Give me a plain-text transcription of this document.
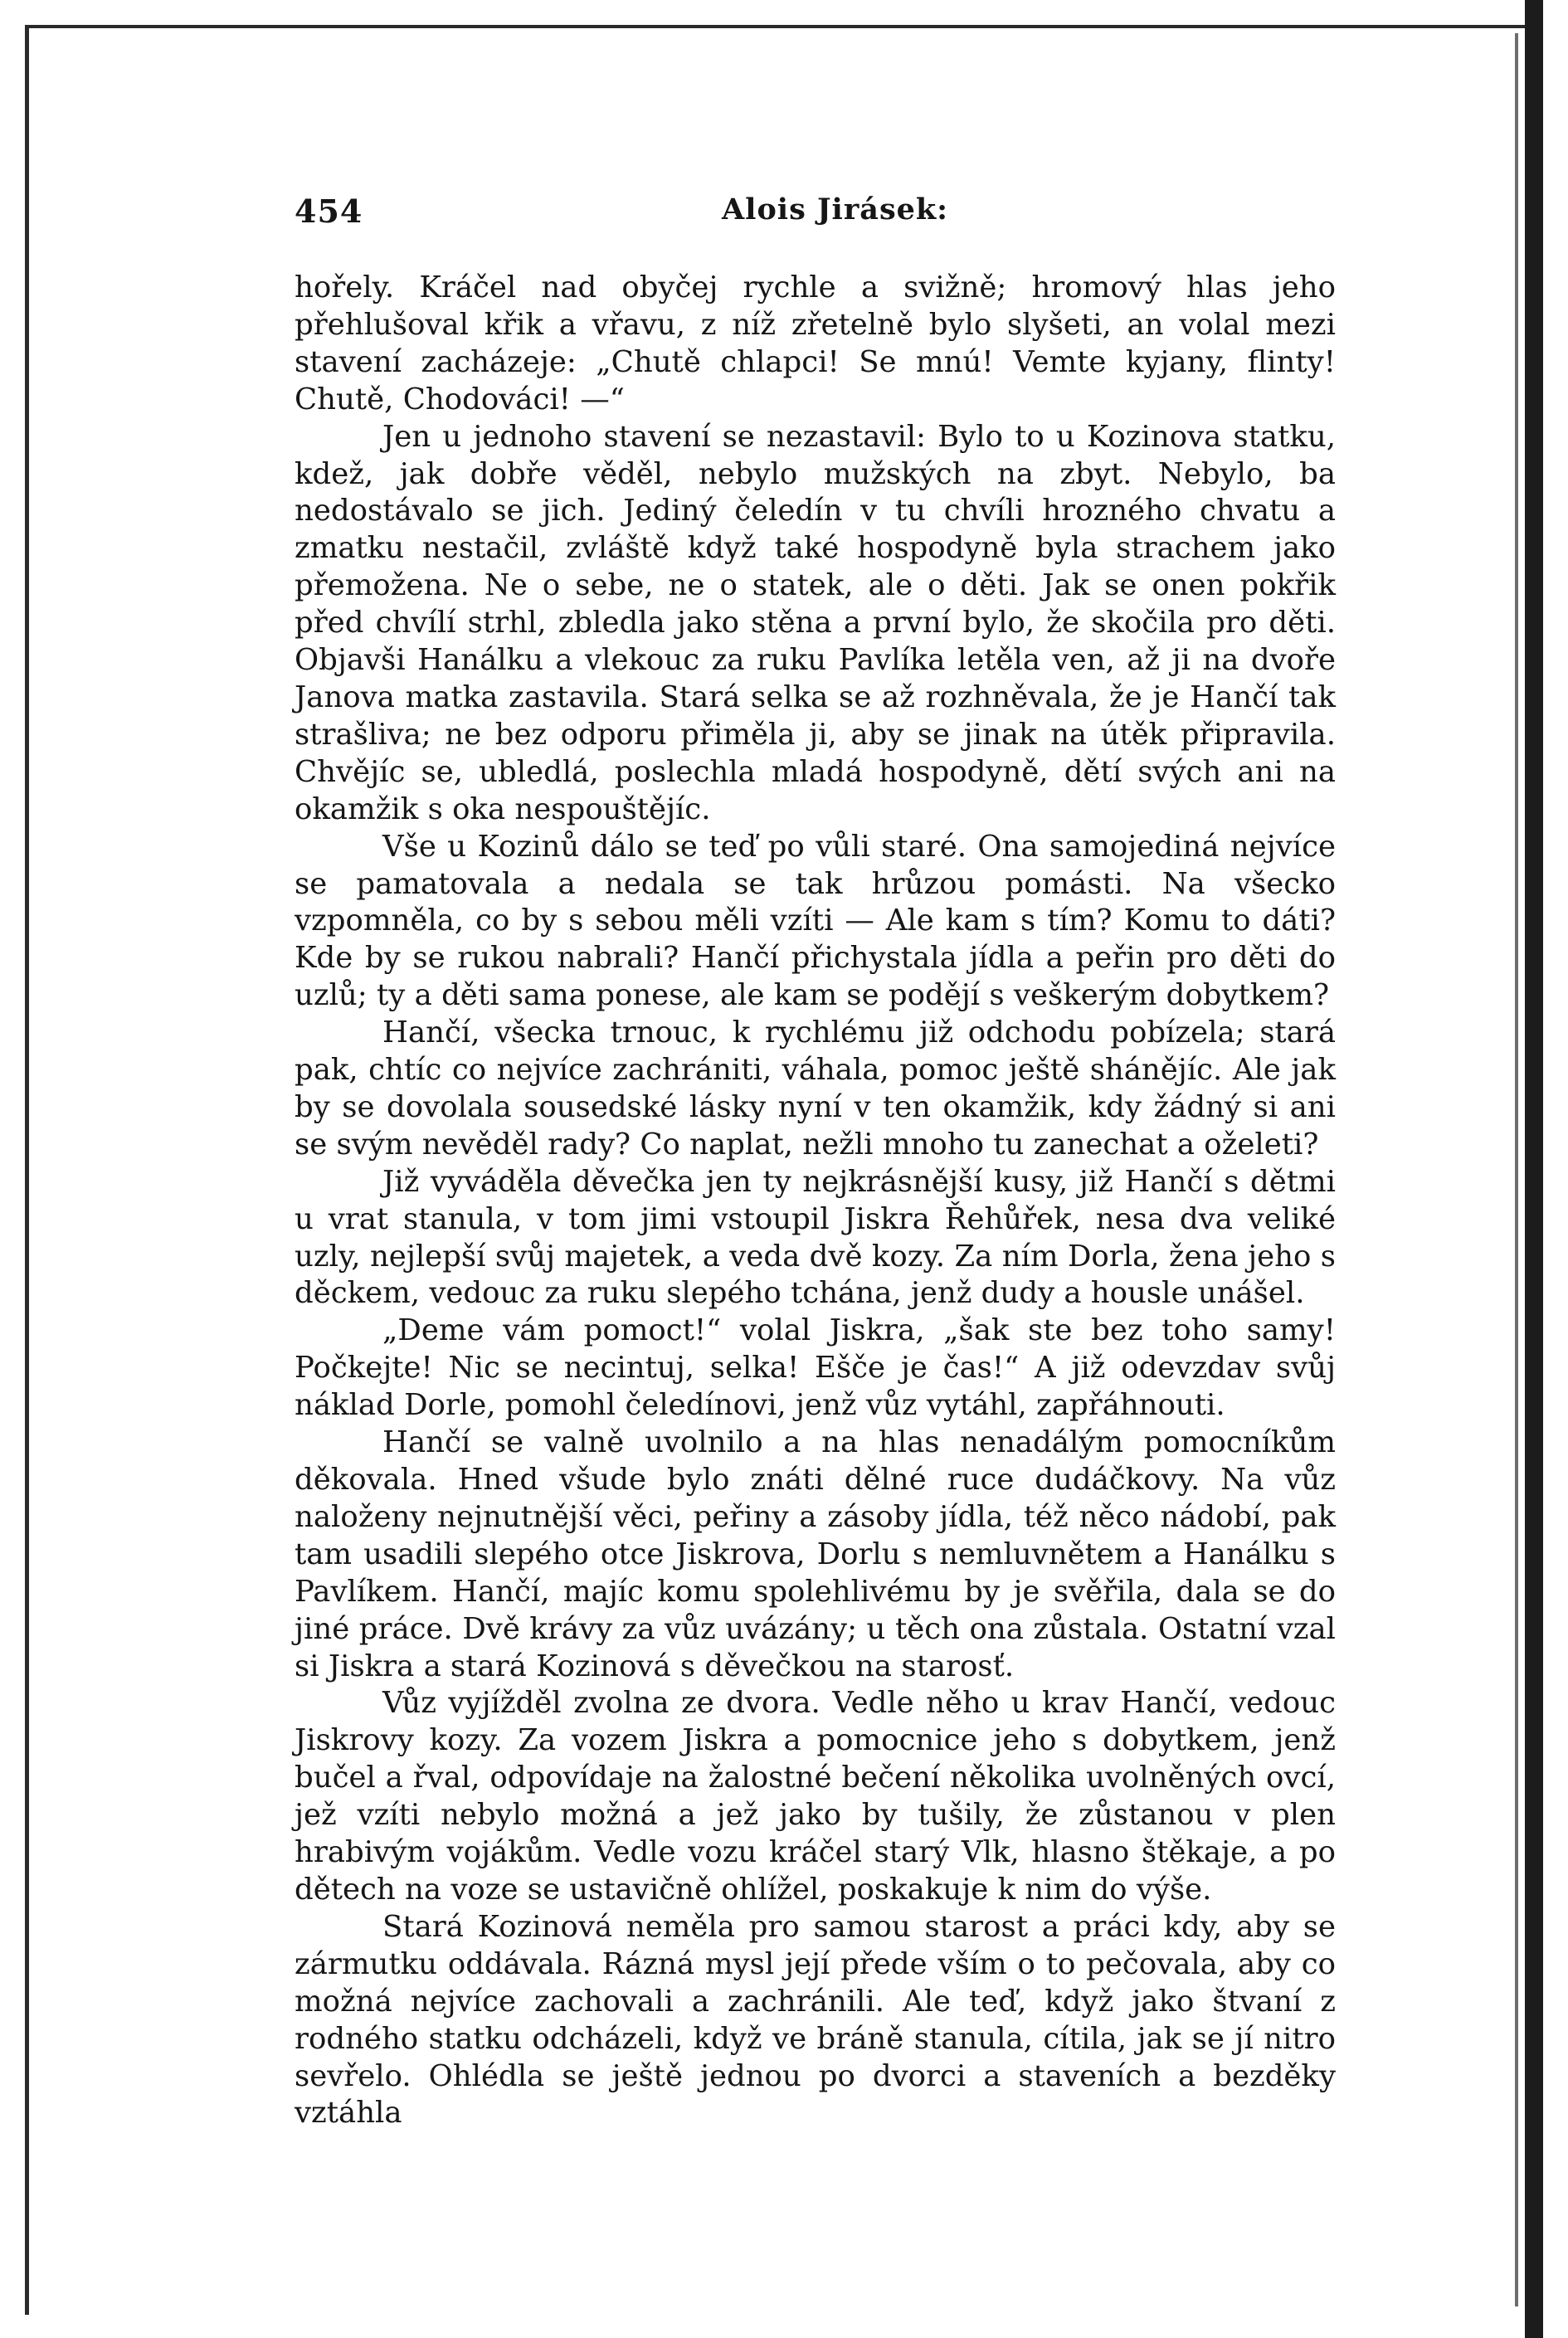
454	Alois Jirásek:

hořely. Kráčel nad obyčej rychle a svižně; hromový hlas jeho přehlušoval křik a vřavu, z níž zřetelně bylo slyšeti, an volal mezi stavení zacházeje: „Chutě chlapci! Se mnú! Vemte kyjany, flinty! Chutě, Chodováci! —“

Jen u jednoho stavení se nezastavil: Bylo to u Kozinova statku, kdež, jak dobře věděl, nebylo mužských na zbyt. Nebylo, ba nedostávalo se jich. Jediný čeledín v tu chvíli hrozného chvatu a zmatku nestačil, zvláště když také hospodyně byla strachem jako přemožena. Ne o sebe, ne o statek, ale o děti. Jak se onen pokřik před chvílí strhl, zbledla jako stěna a první bylo, že skočila pro děti. Objavši Hanálku a vlekouc za ruku Pavlíka letěla ven, až ji na dvoře Janova matka zastavila. Stará selka se až rozhněvala, že je Hančí tak strašliva; ne bez odporu přiměla ji, aby se jinak na útěk připravila. Chvějíc se, ubledlá, poslechla mladá hospodyně, dětí svých ani na okamžik s oka nespouštějíc.

Vše u Kozinů dálo se teď po vůli staré. Ona samojediná nejvíce se pamatovala a nedala se tak hrůzou pomásti. Na všecko vzpomněla, co by s sebou měli vzíti — Ale kam s tím? Komu to dáti? Kde by se rukou nabrali? Hančí přichystala jídla a peřin pro děti do uzlů; ty a děti sama ponese, ale kam se podějí s veškerým dobytkem?

Hančí, všecka trnouc, k rychlému již odchodu pobízela; stará pak, chtíc co nejvíce zachrániti, váhala, pomoc ještě shánějíc. Ale jak by se dovolala sousedské lásky nyní v ten okamžik, kdy žádný si ani se svým nevěděl rady? Co naplat, nežli mnoho tu zanechat a oželeti?

Již vyváděla děvečka jen ty nejkrásnější kusy, již Hančí s dětmi u vrat stanula, v tom jimi vstoupil Jiskra Řehůřek, nesa dva veliké uzly, nejlepší svůj majetek, a veda dvě kozy. Za ním Dorla, žena jeho s děckem, vedouc za ruku slepého tchána, jenž dudy a housle unášel.

„Deme vám pomoct!“ volal Jiskra, „šak ste bez toho samy! Počkejte! Nic se necintuj, selka! Ešče je čas!“ A již odevzdav svůj náklad Dorle, pomohl čeledínovi, jenž vůz vytáhl, zapřáhnouti.

Hančí se valně uvolnilo a na hlas nenadálým pomocníkům děkovala. Hned všude bylo znáti dělné ruce dudáčkovy. Na vůz naloženy nejnutnější věci, peřiny a zásoby jídla, též něco nádobí, pak tam usadili slepého otce Jiskrova, Dorlu s nemluvnětem a Hanálku s Pavlíkem. Hančí, majíc komu spolehlivému by je svěřila, dala se do jiné práce. Dvě krávy za vůz uvázány; u těch ona zůstala. Ostatní vzal si Jiskra a stará Kozinová s děvečkou na starosť.

Vůz vyjížděl zvolna ze dvora. Vedle něho u krav Hančí, vedouc Jiskrovy kozy. Za vozem Jiskra a pomocnice jeho s dobytkem, jenž bučel a řval, odpovídaje na žalostné bečení několika uvolněných ovcí, jež vzíti nebylo možná a jež jako by tušily, že zůstanou v plen hrabivým vojákům. Vedle vozu kráčel starý Vlk, hlasno štěkaje, a po dětech na voze se ustavičně ohlížel, poskakuje k nim do výše.

Stará Kozinová neměla pro samou starost a práci kdy, aby se zármutku oddávala. Rázná mysl její přede vším o to pečovala, aby co možná nejvíce zachovali a zachránili. Ale teď, když jako štvaní z rodného statku odcházeli, když ve bráně stanula, cítila, jak se jí nitro sevřelo. Ohlédla se ještě jednou po dvorci a staveních a bezděky vztáhla
